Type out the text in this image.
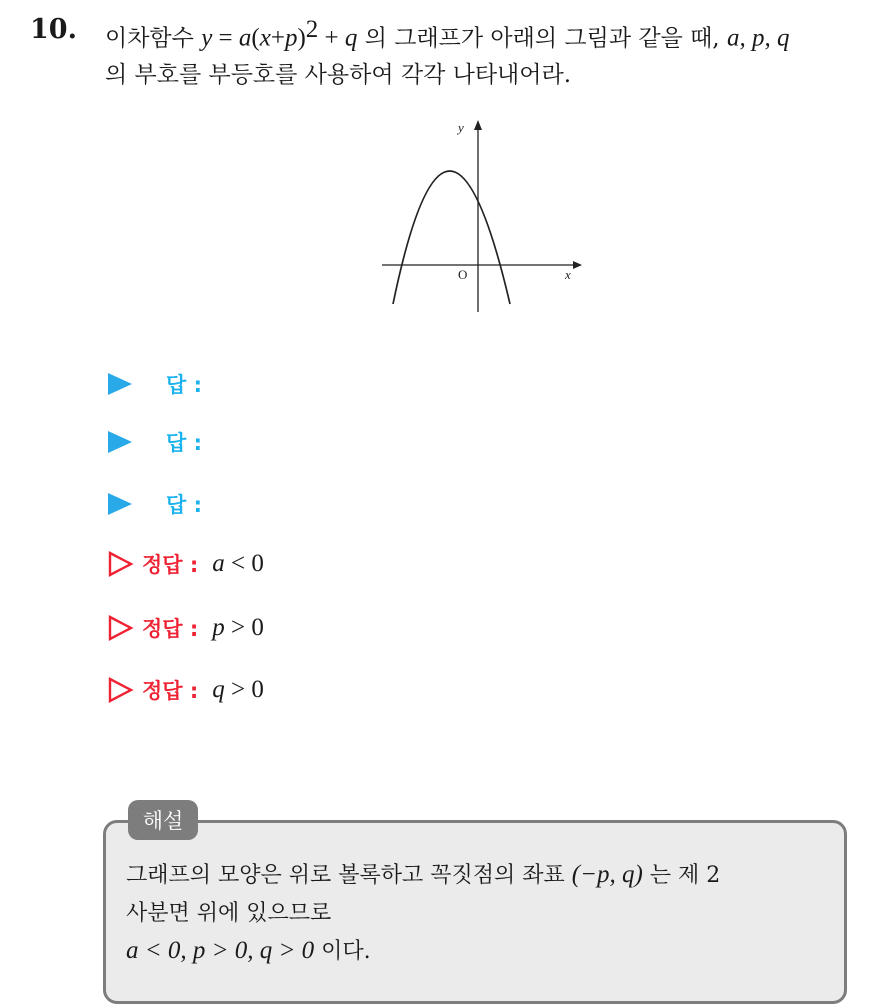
10. 이차함수 $y = a(x+p)^2 + q$ 의 그래프가 아래의 그림과 같을 때, a, p, q
의 부호를 부등호를 사용하여 각각 나타내어라.
y
x
O
답 :
답 :
답 :
정답 : a < 0
정답 : p > 0
정답 : q > 0
해설
그래프의 모양은 위로 볼록하고 꼭짓점의 좌표 (−p, q) 는 제 2
사분면 위에 있으므로
a < 0, p > 0, q > 0 이다.
